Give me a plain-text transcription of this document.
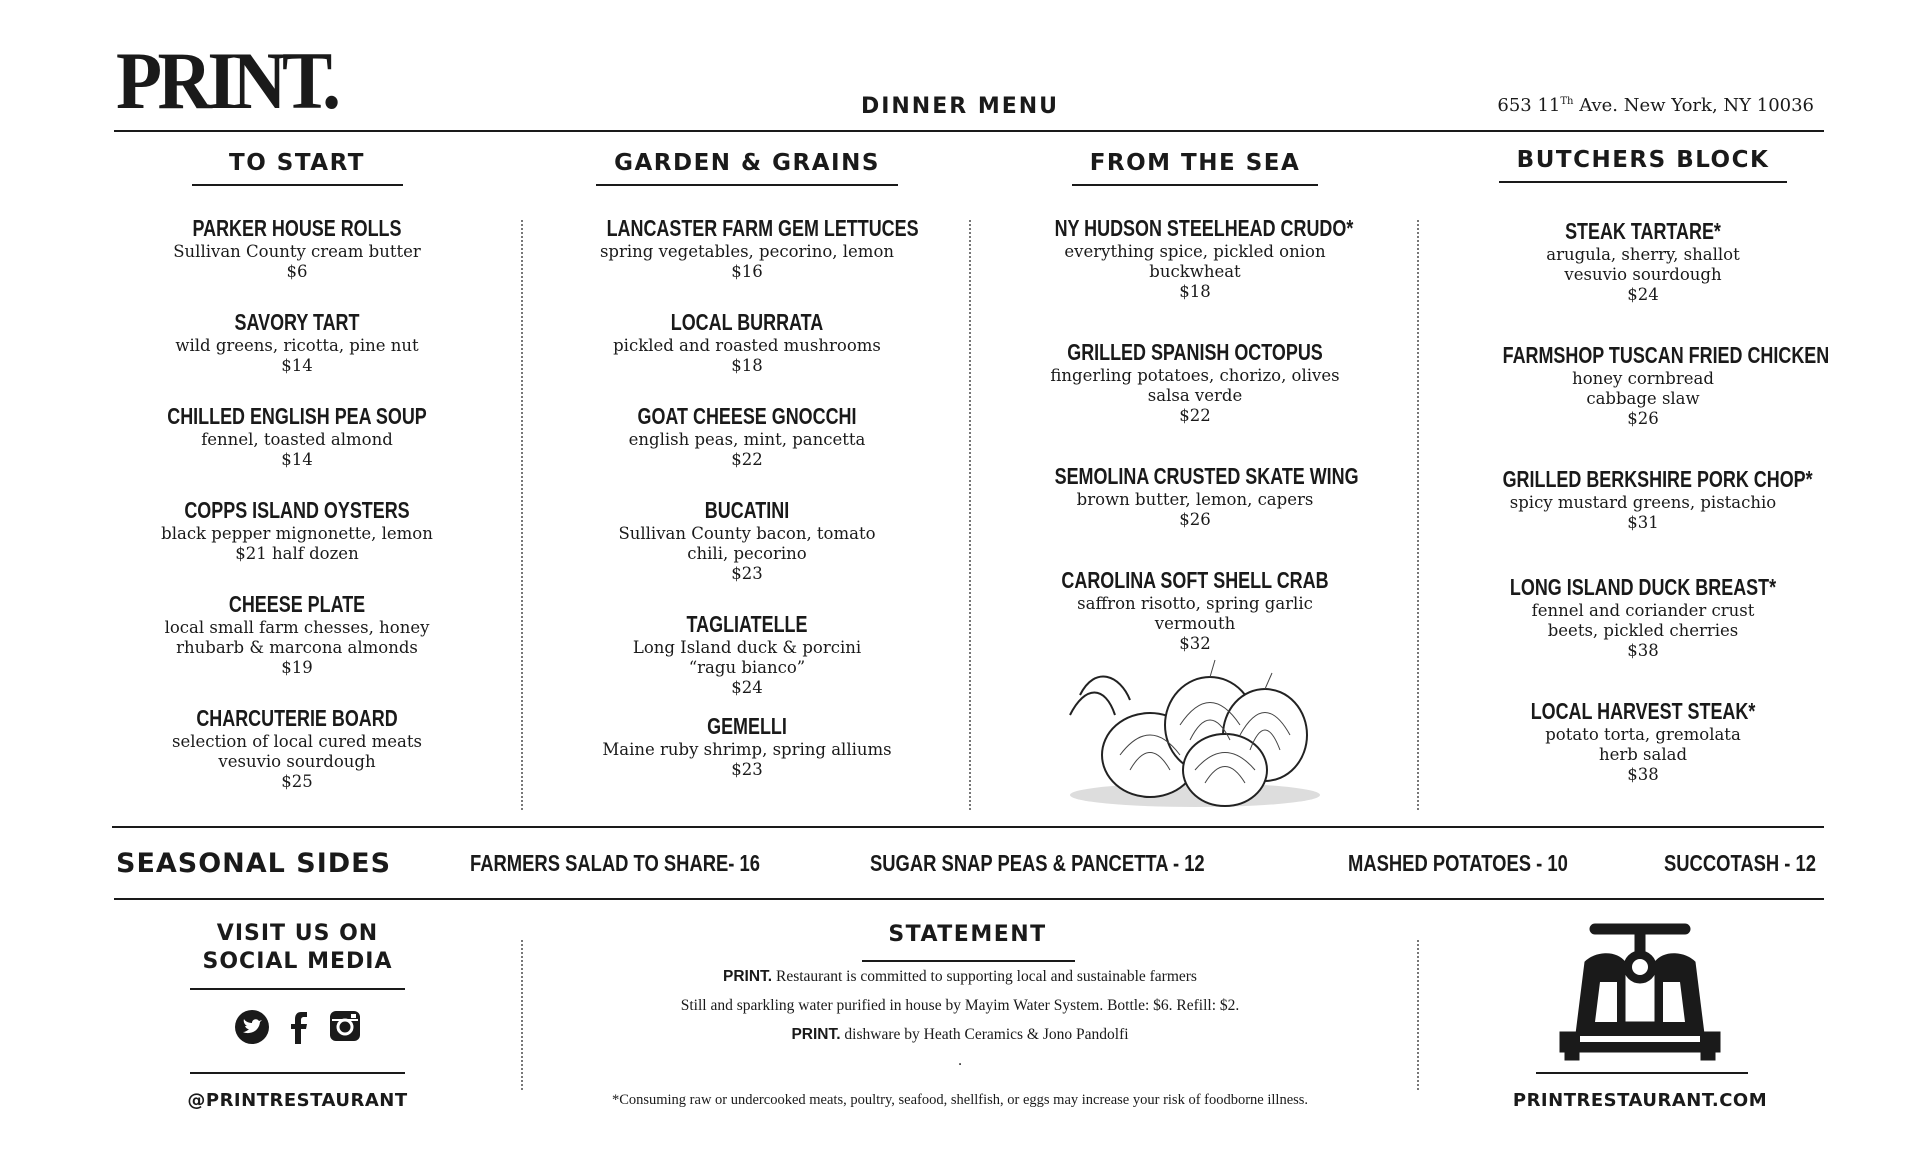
PRINT.	DINNER MENU	653 11Th Ave. New York, NY 10036
TO START
PARKER HOUSE ROLLS
Sullivan County cream butter
$6
SAVORY TART
wild greens, ricotta, pine nut
$14
CHILLED ENGLISH PEA SOUP
fennel, toasted almond
$14
COPPS ISLAND OYSTERS
black pepper mignonette, lemon
$21 half dozen
CHEESE PLATE
local small farm chesses, honey
rhubarb & marcona almonds
$19
CHARCUTERIE BOARD
selection of local cured meats
vesuvio sourdough
$25
GARDEN & GRAINS
LANCASTER FARM GEM LETTUCES
spring vegetables, pecorino, lemon
$16
LOCAL BURRATA
pickled and roasted mushrooms
$18
GOAT CHEESE GNOCCHI
english peas, mint, pancetta
$22
BUCATINI
Sullivan County bacon, tomato
chili, pecorino
$23
TAGLIATELLE
Long Island duck & porcini
“ragu bianco”
$24
GEMELLI
Maine ruby shrimp, spring alliums
$23
FROM THE SEA
NY HUDSON STEELHEAD CRUDO*
everything spice, pickled onion
buckwheat
$18
GRILLED SPANISH OCTOPUS
fingerling potatoes, chorizo, olives
salsa verde
$22
SEMOLINA CRUSTED SKATE WING
brown butter, lemon, capers
$26
CAROLINA SOFT SHELL CRAB
saffron risotto, spring garlic
vermouth
$32
BUTCHERS BLOCK
STEAK TARTARE*
arugula, sherry, shallot
vesuvio sourdough
$24
FARMSHOP TUSCAN FRIED CHICKEN
honey cornbread
cabbage slaw
$26
GRILLED BERKSHIRE PORK CHOP*
spicy mustard greens, pistachio
$31
LONG ISLAND DUCK BREAST*
fennel and coriander crust
beets, pickled cherries
$38
LOCAL HARVEST STEAK*
potato torta, gremolata
herb salad
$38
SEASONAL SIDES	FARMERS SALAD TO SHARE- 16	SUGAR SNAP PEAS & PANCETTA - 12	MASHED POTATOES - 10	SUCCOTASH - 12
VISIT US ON
SOCIAL MEDIA
@PRINTRESTAURANT
STATEMENT
PRINT. Restaurant is committed to supporting local and sustainable farmers
Still and sparkling water purified in house by Mayim Water System. Bottle: $6. Refill: $2.
PRINT. dishware by Heath Ceramics & Jono Pandolfi
.
*Consuming raw or undercooked meats, poultry, seafood, shellfish, or eggs may increase your risk of foodborne illness.	PRINTRESTAURANT.COM
